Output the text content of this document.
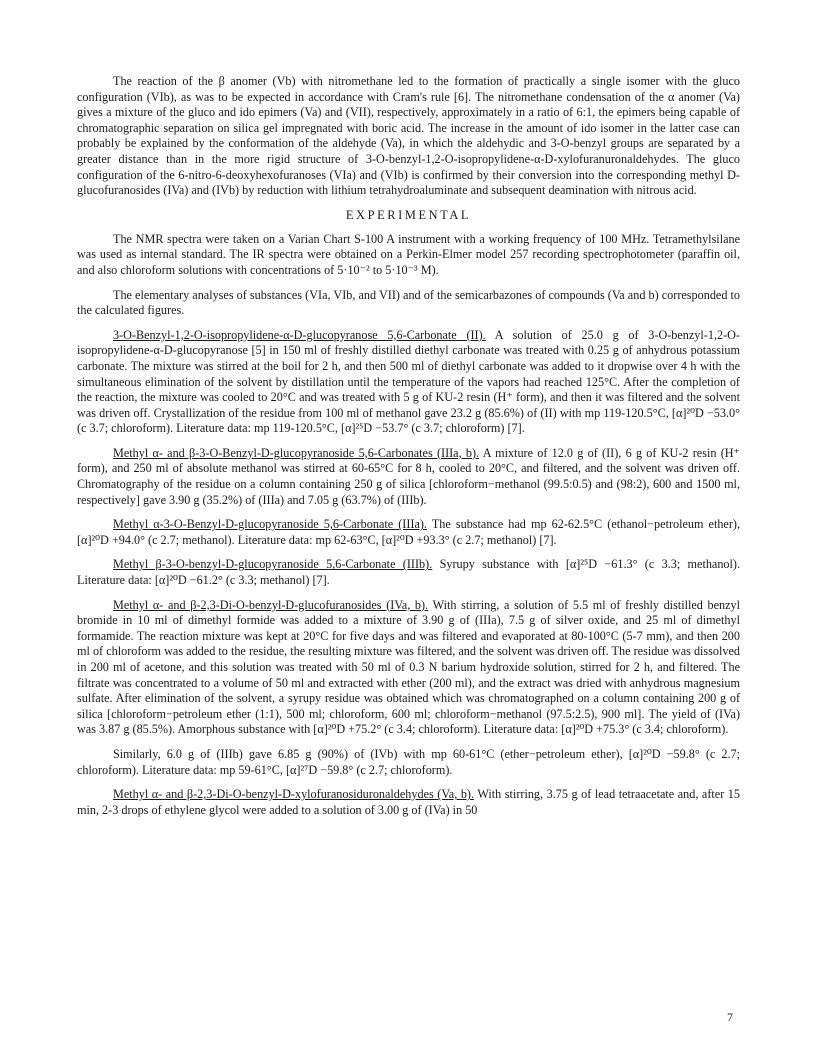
The reaction of the β anomer (Vb) with nitromethane led to the formation of practically a single isomer with the gluco configuration (VIb), as was to be expected in accordance with Cram's rule [6]. The nitromethane condensation of the α anomer (Va) gives a mixture of the gluco and ido epimers (Va) and (VII), respectively, approximately in a ratio of 6:1, the epimers being capable of chromatographic separation on silica gel impregnated with boric acid. The increase in the amount of ido isomer in the latter case can probably be explained by the conformation of the aldehyde (Va), in which the aldehydic and 3-O-benzyl groups are separated by a greater distance than in the more rigid structure of 3-O-benzyl-1,2-O-isopropylidene-α-D-xylofuranuronaldehydes. The gluco configuration of the 6-nitro-6-deoxyhexofuranoses (VIa) and (VIb) is confirmed by their conversion into the corresponding methyl D-glucofuranosides (IVa) and (IVb) by reduction with lithium tetrahydroaluminate and subsequent deamination with nitrous acid.

EXPERIMENTAL

The NMR spectra were taken on a Varian Chart S-100 A instrument with a working frequency of 100 MHz. Tetramethylsilane was used as internal standard. The IR spectra were obtained on a Perkin-Elmer model 257 recording spectrophotometer (paraffin oil, and also chloroform solutions with concentrations of 5·10⁻² to 5·10⁻³ M).

The elementary analyses of substances (VIa, VIb, and VII) and of the semicarbazones of compounds (Va and b) corresponded to the calculated figures.

3-O-Benzyl-1,2-O-isopropylidene-α-D-glucopyranose 5,6-Carbonate (II). A solution of 25.0 g of 3-O-benzyl-1,2-O-isopropylidene-α-D-glucopyranose [5] in 150 ml of freshly distilled diethyl carbonate was treated with 0.25 g of anhydrous potassium carbonate. The mixture was stirred at the boil for 2 h, and then 500 ml of diethyl carbonate was added to it dropwise over 4 h with the simultaneous elimination of the solvent by distillation until the temperature of the vapors had reached 125°C. After the completion of the reaction, the mixture was cooled to 20°C and was treated with 5 g of KU-2 resin (H⁺ form), and then it was filtered and the solvent was driven off. Crystallization of the residue from 100 ml of methanol gave 23.2 g (85.6%) of (II) with mp 119-120.5°C, [α]²⁰D −53.0° (c 3.7; chloroform). Literature data: mp 119-120.5°C, [α]²⁵D −53.7° (c 3.7; chloroform) [7].

Methyl α- and β-3-O-Benzyl-D-glucopyranoside 5,6-Carbonates (IIIa, b). A mixture of 12.0 g of (II), 6 g of KU-2 resin (H⁺ form), and 250 ml of absolute methanol was stirred at 60-65°C for 8 h, cooled to 20°C, and filtered, and the solvent was driven off. Chromatography of the residue on a column containing 250 g of silica [chloroform−methanol (99.5:0.5) and (98:2), 600 and 1500 ml, respectively] gave 3.90 g (35.2%) of (IIIa) and 7.05 g (63.7%) of (IIIb).

Methyl α-3-O-Benzyl-D-glucopyranoside 5,6-Carbonate (IIIa). The substance had mp 62-62.5°C (ethanol−petroleum ether), [α]²⁰D +94.0° (c 2.7; methanol). Literature data: mp 62-63°C, [α]²⁰D +93.3° (c 2.7; methanol) [7].

Methyl β-3-O-benzyl-D-glucopyranoside 5,6-Carbonate (IIIb). Syrupy substance with [α]²⁵D −61.3° (c 3.3; methanol). Literature data: [α]²⁰D −61.2° (c 3.3; methanol) [7].

Methyl α- and β-2,3-Di-O-benzyl-D-glucofuranosides (IVa, b). With stirring, a solution of 5.5 ml of freshly distilled benzyl bromide in 10 ml of dimethyl formide was added to a mixture of 3.90 g of (IIIa), 7.5 g of silver oxide, and 25 ml of dimethyl formamide. The reaction mixture was kept at 20°C for five days and was filtered and evaporated at 80-100°C (5-7 mm), and then 200 ml of chloroform was added to the residue, the resulting mixture was filtered, and the solvent was driven off. The residue was dissolved in 200 ml of acetone, and this solution was treated with 50 ml of 0.3 N barium hydroxide solution, stirred for 2 h, and filtered. The filtrate was concentrated to a volume of 50 ml and extracted with ether (200 ml), and the extract was dried with anhydrous magnesium sulfate. After elimination of the solvent, a syrupy residue was obtained which was chromatographed on a column containing 200 g of silica [chloroform−petroleum ether (1:1), 500 ml; chloroform, 600 ml; chloroform−methanol (97.5:2.5), 900 ml]. The yield of (IVa) was 3.87 g (85.5%). Amorphous substance with [α]²⁰D +75.2° (c 3.4; chloroform). Literature data: [α]²⁰D +75.3° (c 3.4; chloroform).

Similarly, 6.0 g of (IIIb) gave 6.85 g (90%) of (IVb) with mp 60-61°C (ether−petroleum ether), [α]²⁰D −59.8° (c 2.7; chloroform). Literature data: mp 59-61°C, [α]²⁷D −59.8° (c 2.7; chloroform).

Methyl α- and β-2,3-Di-O-benzyl-D-xylofuranosiduronaldehydes (Va, b). With stirring, 3.75 g of lead tetraacetate and, after 15 min, 2-3 drops of ethylene glycol were added to a solution of 3.00 g of (IVa) in 50

7
